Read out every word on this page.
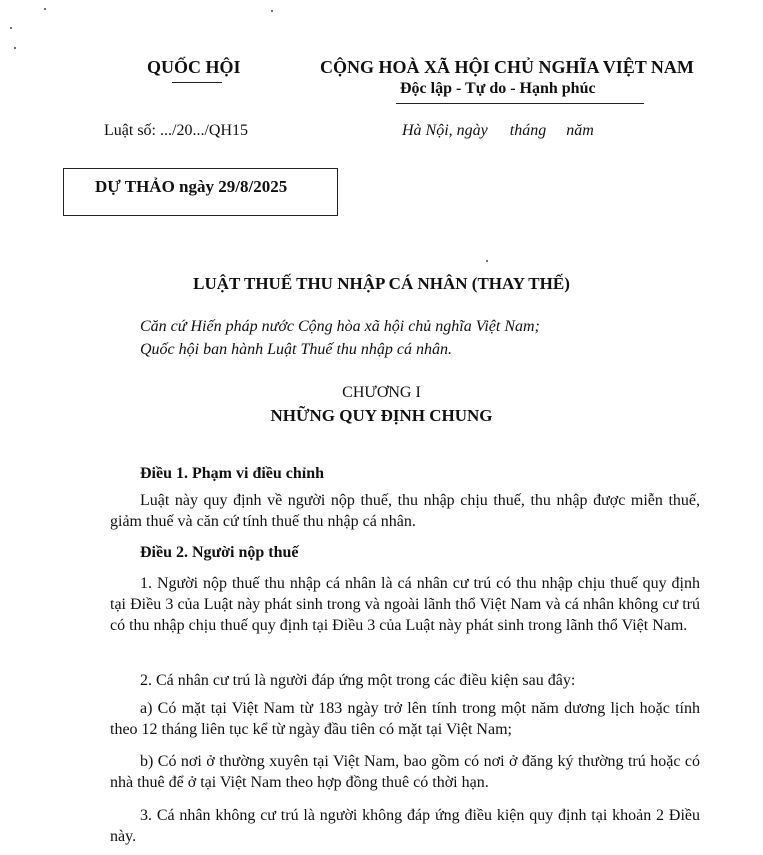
QUỐC HỘI	CỘNG HOÀ XÃ HỘI CHỦ NGHĨA VIỆT NAM
Độc lập - Tự do - Hạnh phúc
Luật số: .../20.../QH15	Hà Nội, ngày tháng năm
DỰ THẢO ngày 29/8/2025
LUẬT THUẾ THU NHẬP CÁ NHÂN (THAY THẾ)
Căn cứ Hiến pháp nước Cộng hòa xã hội chủ nghĩa Việt Nam;
Quốc hội ban hành Luật Thuế thu nhập cá nhân.
CHƯƠNG I
NHỮNG QUY ĐỊNH CHUNG
Điều 1. Phạm vi điều chỉnh
Luật này quy định về người nộp thuế, thu nhập chịu thuế, thu nhập được miễn thuế, giảm thuế và căn cứ tính thuế thu nhập cá nhân.
Điều 2. Người nộp thuế
1. Người nộp thuế thu nhập cá nhân là cá nhân cư trú có thu nhập chịu thuế quy định tại Điều 3 của Luật này phát sinh trong và ngoài lãnh thổ Việt Nam và cá nhân không cư trú có thu nhập chịu thuế quy định tại Điều 3 của Luật này phát sinh trong lãnh thổ Việt Nam.
2. Cá nhân cư trú là người đáp ứng một trong các điều kiện sau đây:
a) Có mặt tại Việt Nam từ 183 ngày trở lên tính trong một năm dương lịch hoặc tính theo 12 tháng liên tục kể từ ngày đầu tiên có mặt tại Việt Nam;
b) Có nơi ở thường xuyên tại Việt Nam, bao gồm có nơi ở đăng ký thường trú hoặc có nhà thuê để ở tại Việt Nam theo hợp đồng thuê có thời hạn.
3. Cá nhân không cư trú là người không đáp ứng điều kiện quy định tại khoản 2 Điều này.
